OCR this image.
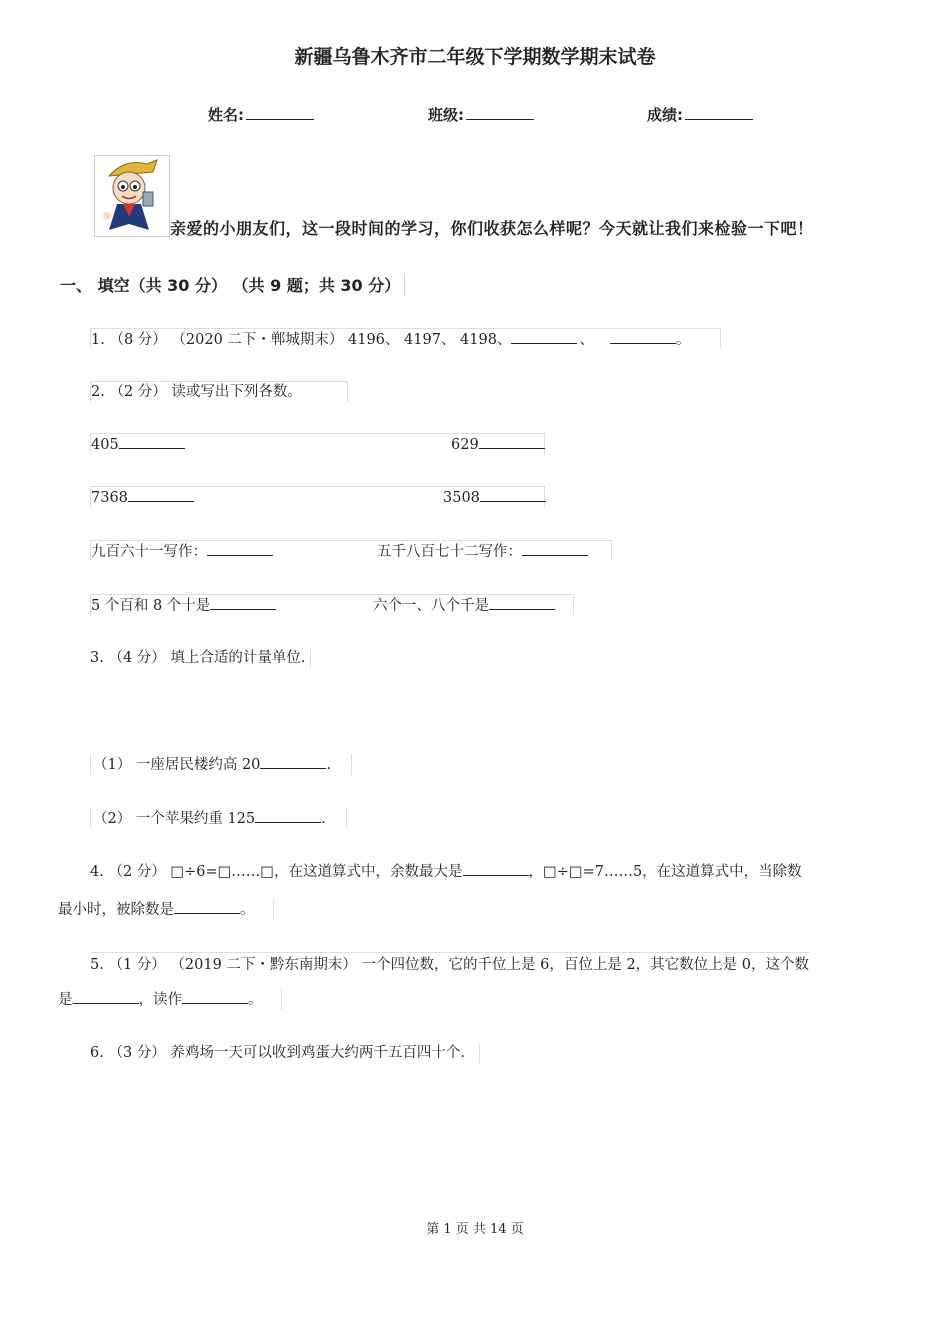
新疆乌鲁木齐市二年级下学期数学期末试卷
姓名:	班级:	成绩:
亲爱的小朋友们，这一段时间的学习，你们收获怎么样呢？今天就让我们来检验一下吧！
一、 填空（共 30 分） （共 9 题；共 30 分）
1. （8 分） （2020 二下・郸城期末） 4196、 4197、 4198、	、	。
2. （2 分） 读或写出下列各数。
405	629
7368	3508
九百六十一写作：	五千八百七十二写作：
5 个百和 8 个十是	六个一、八个千是
3. （4 分） 填上合适的计量单位.
（1） 一座居民楼约高 20	.
（2） 一个苹果约重 125	.
4. （2 分） □÷6=□……□，在这道算式中，余数最大是	，□÷□=7……5，在这道算式中，当除数
最小时，被除数是	。
5. （1 分） （2019 二下・黔东南期末） 一个四位数，它的千位上是 6，百位上是 2，其它数位上是 0，这个数
是	，读作	。
6. （3 分） 养鸡场一天可以收到鸡蛋大约两千五百四十个.
第 1 页 共 14 页
